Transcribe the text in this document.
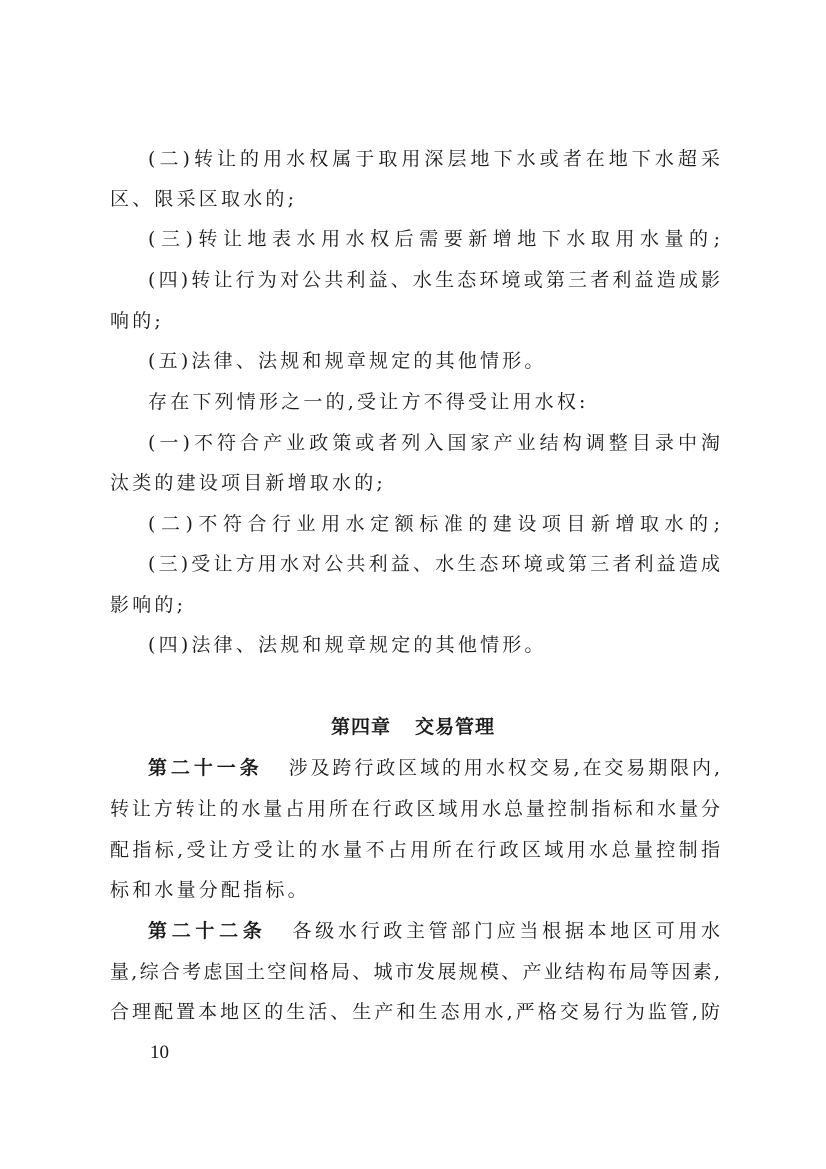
(二)转让的用水权属于取用深层地下水或者在地下水超采
区、限采区取水的;
(三)转让地表水用水权后需要新增地下水取用水量的;
(四)转让行为对公共利益、水生态环境或第三者利益造成影
响的;
(五)法律、法规和规章规定的其他情形。
存在下列情形之一的,受让方不得受让用水权:
(一)不符合产业政策或者列入国家产业结构调整目录中淘
汰类的建设项目新增取水的;
(二)不符合行业用水定额标准的建设项目新增取水的;
(三)受让方用水对公共利益、水生态环境或第三者利益造成
影响的;
(四)法律、法规和规章规定的其他情形。
第四章 交易管理
第二十一条 涉及跨行政区域的用水权交易,在交易期限内,
转让方转让的水量占用所在行政区域用水总量控制指标和水量分
配指标,受让方受让的水量不占用所在行政区域用水总量控制指
标和水量分配指标。
第二十二条 各级水行政主管部门应当根据本地区可用水
量,综合考虑国土空间格局、城市发展规模、产业结构布局等因素,
合理配置本地区的生活、生产和生态用水,严格交易行为监管,防
10
